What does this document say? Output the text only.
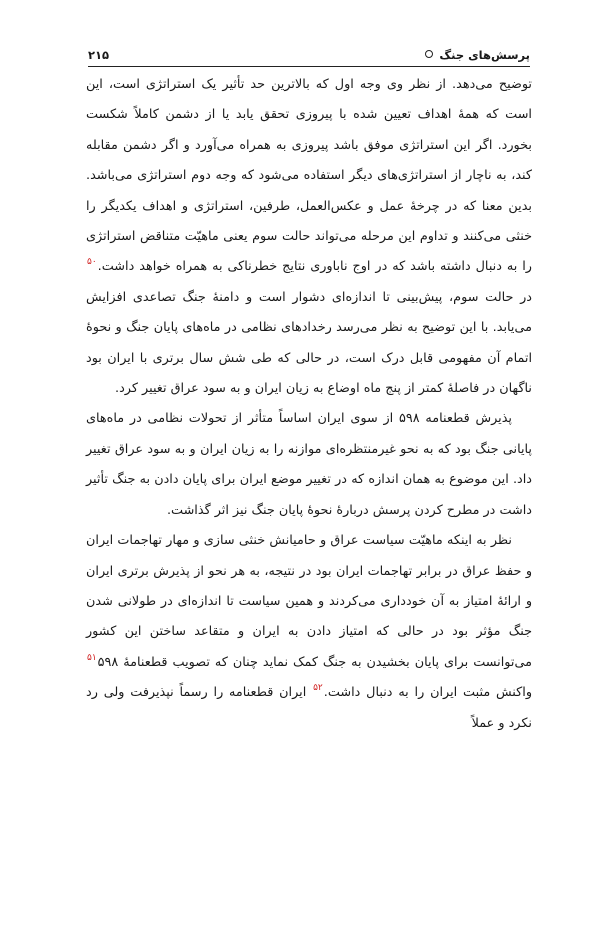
پرسش‌های جنگ
۲۱۵

توضیح می‌دهد. از نظر وی وجه اول که بالاترین حد تأثیر یک استراتژی است، این است که همهٔ اهداف تعیین شده با پیروزی تحقق یابد یا از دشمن کاملاً شکست بخورد. اگر این استراتژی موفق باشد پیروزی به همراه می‌آورد و اگر دشمن مقابله کند، به ناچار از استراتژی‌های دیگر استفاده می‌شود که وجه دوم استراتژی می‌باشد. بدین معنا که در چرخهٔ عمل و عکس‌العمل، طرفین، استراتژی و اهداف یکدیگر را خنثی می‌کنند و تداوم این مرحله می‌تواند حالت سوم یعنی ماهیّت متناقض استراتژی را به دنبال داشته باشد که در اوج ناباوری نتایج خطرناکی به همراه خواهد داشت.$^{۵۰}$ در حالت سوم، پیش‌بینی تا اندازه‌ای دشوار است و دامنهٔ جنگ تصاعدی افزایش می‌یابد. با این توضیح به نظر می‌رسد رخدادهای نظامی در ماه‌های پایان جنگ و نحوهٔ اتمام آن مفهومی قابل درک است، در حالی که طی شش سال برتری با ایران بود ناگهان در فاصلهٔ کمتر از پنج ماه اوضاع به زیان ایران و به سود عراق تغییر کرد.

پذیرش قطعنامه ۵۹۸ از سوی ایران اساساً متأثر از تحولات نظامی در ماه‌های پایانی جنگ بود که به نحو غیرمنتظره‌ای موازنه را به زیان ایران و به سود عراق تغییر داد. این موضوع به همان اندازه که در تغییر موضع ایران برای پایان دادن به جنگ تأثیر داشت در مطرح کردن پرسش دربارهٔ نحوهٔ پایان جنگ نیز اثر گذاشت.

نظر به اینکه ماهیّت سیاست عراق و حامیانش خنثی سازی و مهار تهاجمات ایران و حفظ عراق در برابر تهاجمات ایران بود در نتیجه، به هر نحو از پذیرش برتری ایران و ارائهٔ امتیاز به آن خودداری می‌کردند و همین سیاست تا اندازه‌ای در طولانی شدن جنگ مؤثر بود در حالی که امتیاز دادن به ایران و متقاعد ساختن این کشور می‌توانست برای پایان بخشیدن به جنگ کمک نماید چنان که تصویب قطعنامهٔ $^{۵۱}$۵۹۸ واکنش مثبت ایران را به دنبال داشت.$^{۵۲}$ ایران قطعنامه را رسماً نپذیرفت ولی رد نکرد و عملاً
